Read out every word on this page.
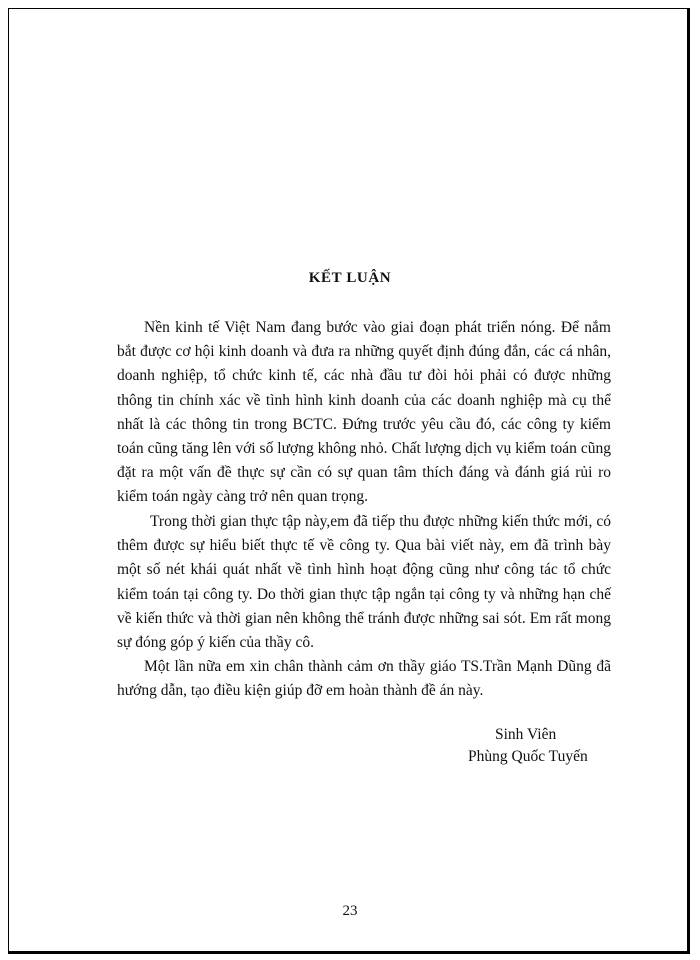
KẾT LUẬN

Nền kinh tế Việt Nam đang bước vào giai đoạn phát triển nóng. Để nắm bắt được cơ hội kinh doanh và đưa ra những quyết định đúng đắn, các cá nhân, doanh nghiệp, tổ chức kinh tế, các nhà đầu tư đòi hỏi phải có được những thông tin chính xác về tình hình kinh doanh của các doanh nghiệp mà cụ thể nhất là các thông tin trong BCTC. Đứng trước yêu cầu đó, các công ty kiểm toán cũng tăng lên với số lượng không nhỏ. Chất lượng dịch vụ kiểm toán cũng đặt ra một vấn đề thực sự cần có sự quan tâm thích đáng và đánh giá rủi ro kiểm toán ngày càng trở nên quan trọng.

Trong thời gian thực tập này,em đã tiếp thu được những kiến thức mới, có thêm được sự hiểu biết thực tế về công ty. Qua bài viết này, em đã trình bày một số nét khái quát nhất về tình hình hoạt động cũng như công tác tổ chức kiểm toán tại công ty. Do thời gian thực tập ngắn tại công ty và những hạn chế về kiến thức và thời gian nên không thể tránh được những sai sót. Em rất mong sự đóng góp ý kiến của thầy cô.

Một lần nữa em xin chân thành cảm ơn thầy giáo TS.Trần Mạnh Dũng đã hướng dẫn, tạo điều kiện giúp đỡ em hoàn thành đề án này.

Sinh Viên
Phùng Quốc Tuyến
23
